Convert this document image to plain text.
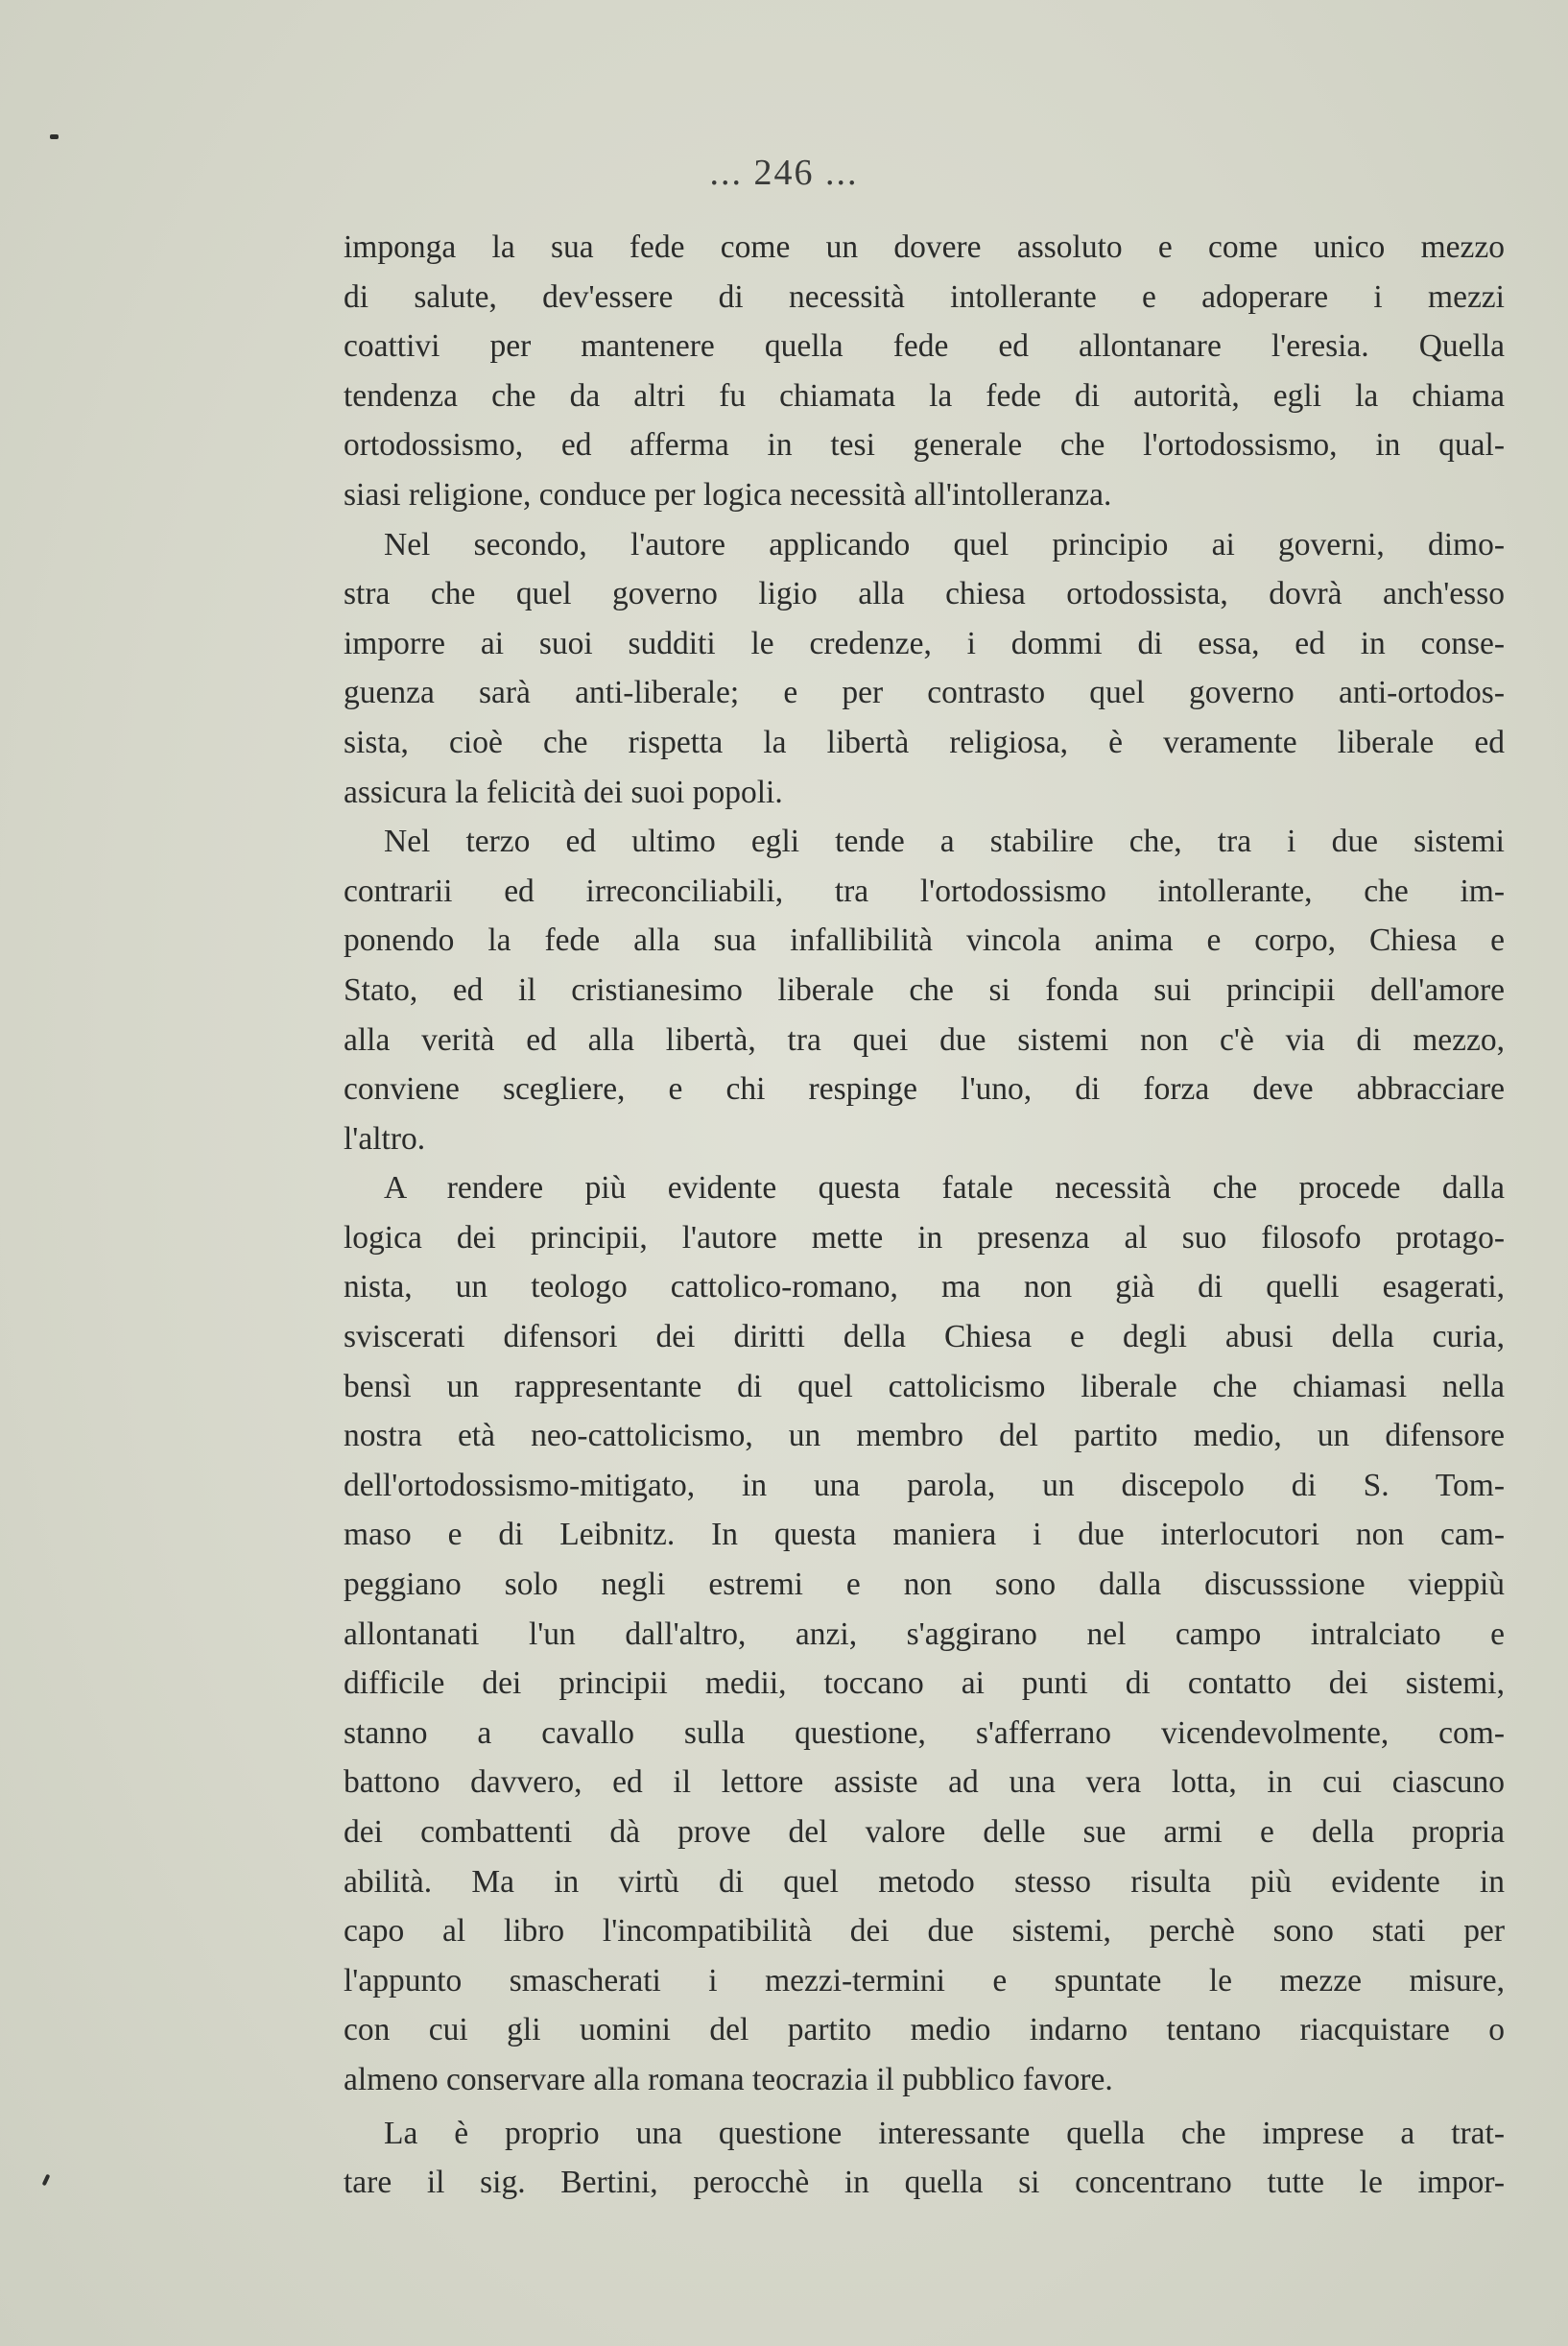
... 246 ...
imponga la sua fede come un dovere assoluto e come unico mezzo
di salute, dev'essere di necessità intollerante e adoperare i mezzi
coattivi per mantenere quella fede ed allontanare l'eresia. Quella
tendenza che da altri fu chiamata la fede di autorità, egli la chiama
ortodossismo, ed afferma in tesi generale che l'ortodossismo, in qual-
siasi religione, conduce per logica necessità all'intolleranza.
Nel secondo, l'autore applicando quel principio ai governi, dimo-
stra che quel governo ligio alla chiesa ortodossista, dovrà anch'esso
imporre ai suoi sudditi le credenze, i dommi di essa, ed in conse-
guenza sarà anti-liberale; e per contrasto quel governo anti-ortodos-
sista, cioè che rispetta la libertà religiosa, è veramente liberale ed
assicura la felicità dei suoi popoli.
Nel terzo ed ultimo egli tende a stabilire che, tra i due sistemi
contrarii ed irreconciliabili, tra l'ortodossismo intollerante, che im-
ponendo la fede alla sua infallibilità vincola anima e corpo, Chiesa e
Stato, ed il cristianesimo liberale che si fonda sui principii dell'amore
alla verità ed alla libertà, tra quei due sistemi non c'è via di mezzo,
conviene scegliere, e chi respinge l'uno, di forza deve abbracciare
l'altro.
A rendere più evidente questa fatale necessità che procede dalla
logica dei principii, l'autore mette in presenza al suo filosofo protago-
nista, un teologo cattolico-romano, ma non già di quelli esagerati,
sviscerati difensori dei diritti della Chiesa e degli abusi della curia,
bensì un rappresentante di quel cattolicismo liberale che chiamasi nella
nostra età neo-cattolicismo, un membro del partito medio, un difensore
dell'ortodossismo-mitigato, in una parola, un discepolo di S. Tom-
maso e di Leibnitz. In questa maniera i due interlocutori non cam-
peggiano solo negli estremi e non sono dalla discusssione vieppiù
allontanati l'un dall'altro, anzi, s'aggirano nel campo intralciato e
difficile dei principii medii, toccano ai punti di contatto dei sistemi,
stanno a cavallo sulla questione, s'afferrano vicendevolmente, com-
battono davvero, ed il lettore assiste ad una vera lotta, in cui ciascuno
dei combattenti dà prove del valore delle sue armi e della propria
abilità. Ma in virtù di quel metodo stesso risulta più evidente in
capo al libro l'incompatibilità dei due sistemi, perchè sono stati per
l'appunto smascherati i mezzi-termini e spuntate le mezze misure,
con cui gli uomini del partito medio indarno tentano riacquistare o
almeno conservare alla romana teocrazia il pubblico favore.
La è proprio una questione interessante quella che imprese a trat-
tare il sig. Bertini, perocchè in quella si concentrano tutte le impor-
